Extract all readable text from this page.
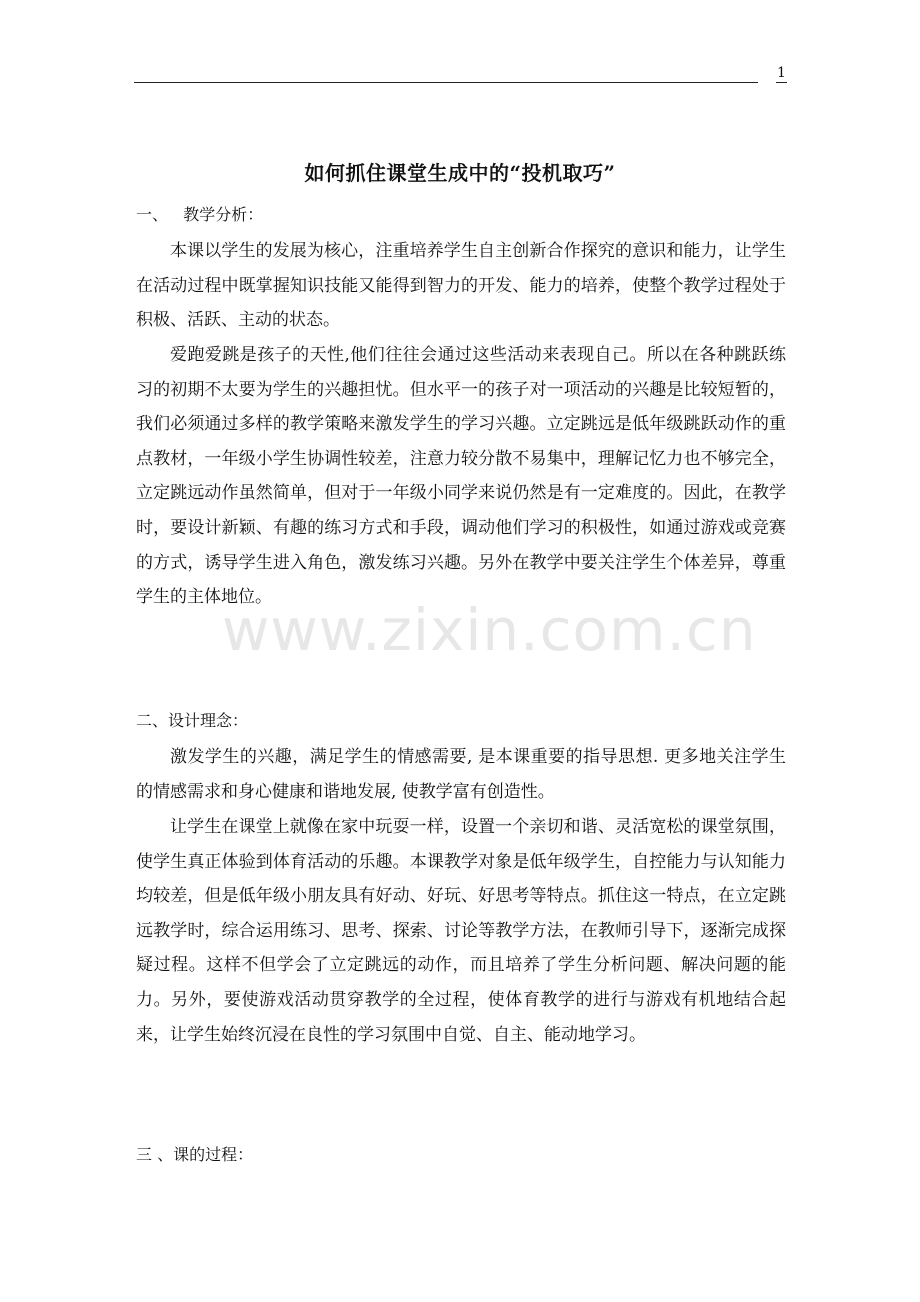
1
如何抓住课堂生成中的“投机取巧”
一、   教学分析：

本课以学生的发展为核心，注重培养学生自主创新合作探究的意识和能力，让学生在活动过程中既掌握知识技能又能得到智力的开发、能力的培养，使整个教学过程处于积极、活跃、主动的状态。

爱跑爱跳是孩子的天性,他们往往会通过这些活动来表现自己。所以在各种跳跃练习的初期不太要为学生的兴趣担忧。但水平一的孩子对一项活动的兴趣是比较短暂的，我们必须通过多样的教学策略来激发学生的学习兴趣。立定跳远是低年级跳跃动作的重点教材，一年级小学生协调性较差，注意力较分散不易集中，理解记忆力也不够完全，立定跳远动作虽然简单，但对于一年级小同学来说仍然是有一定难度的。因此，在教学时，要设计新颖、有趣的练习方式和手段，调动他们学习的积极性，如通过游戏或竞赛的方式，诱导学生进入角色，激发练习兴趣。另外在教学中要关注学生个体差异，尊重学生的主体地位。

二、设计理念：

激发学生的兴趣，满足学生的情感需要, 是本课重要的指导思想. 更多地关注学生的情感需求和身心健康和谐地发展, 使教学富有创造性。

让学生在课堂上就像在家中玩耍一样，设置一个亲切和谐、灵活宽松的课堂氛围，使学生真正体验到体育活动的乐趣。本课教学对象是低年级学生，自控能力与认知能力均较差，但是低年级小朋友具有好动、好玩、好思考等特点。抓住这一特点，在立定跳远教学时，综合运用练习、思考、探索、讨论等教学方法，在教师引导下，逐渐完成探疑过程。这样不但学会了立定跳远的动作，而且培养了学生分析问题、解决问题的能力。另外，要使游戏活动贯穿教学的全过程，使体育教学的进行与游戏有机地结合起来，让学生始终沉浸在良性的学习氛围中自觉、自主、能动地学习。

三 、课的过程：
www.zixin.com.cn
